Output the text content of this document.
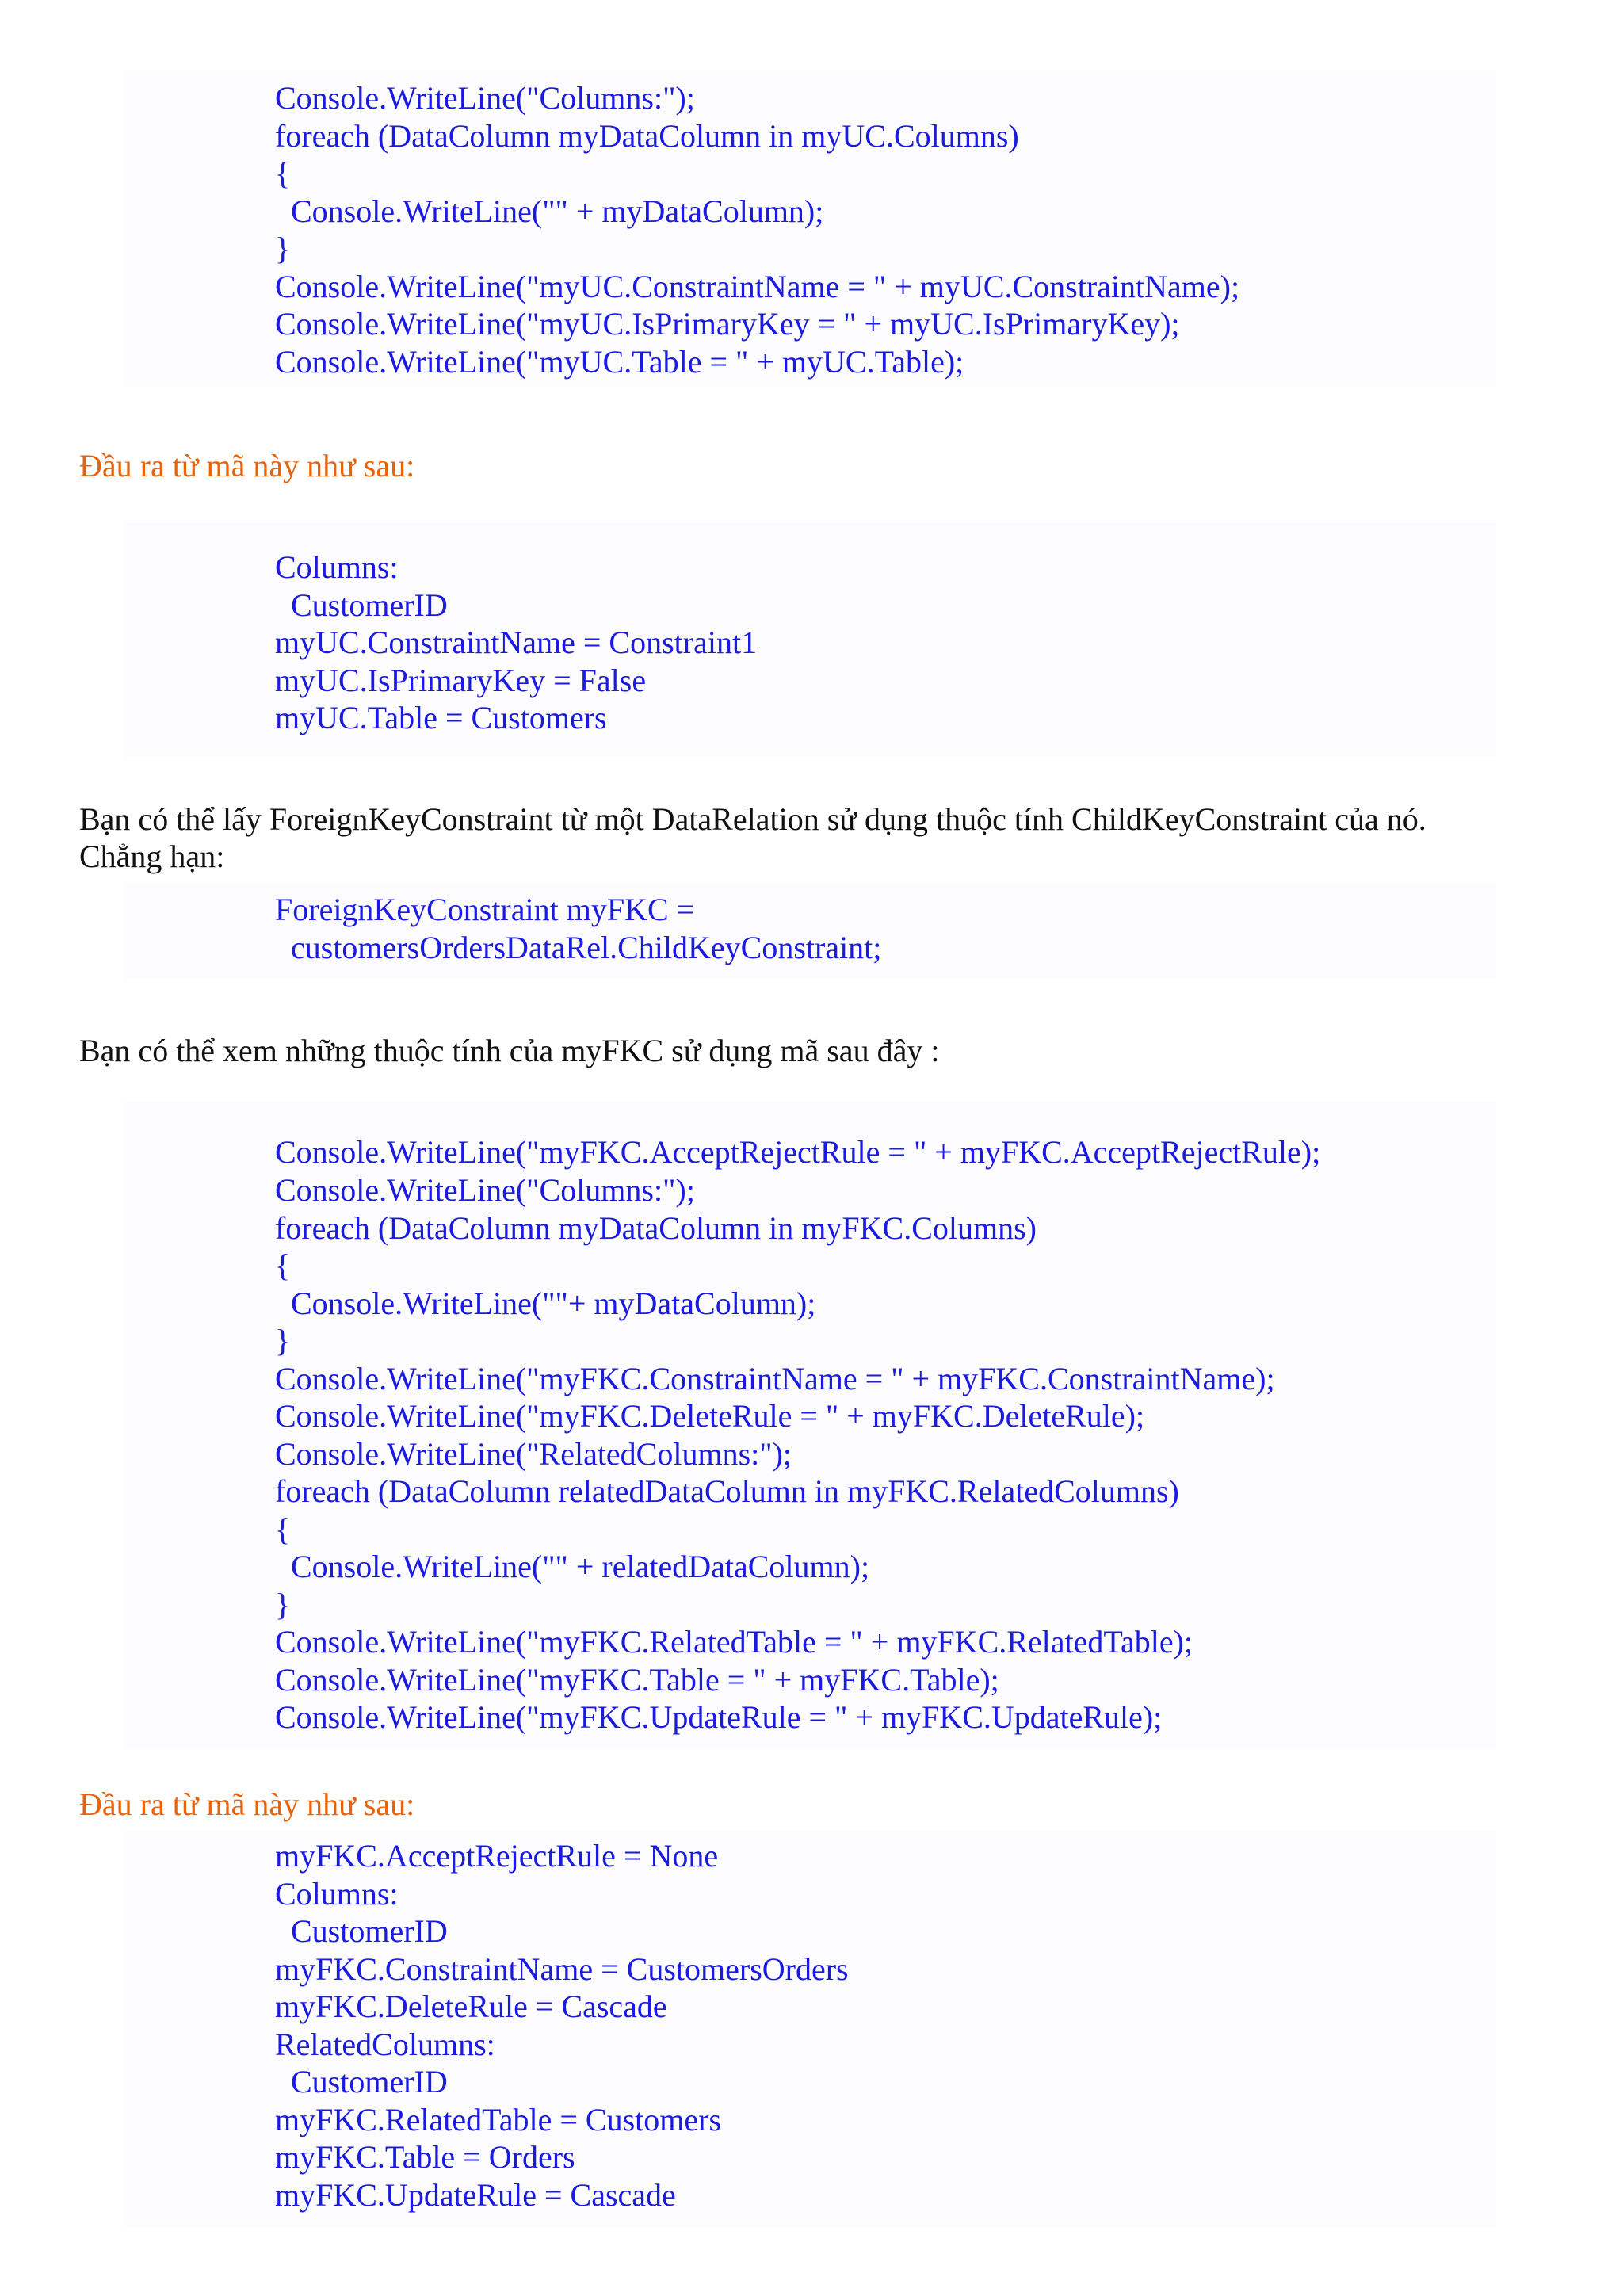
Console.WriteLine("Columns:");
foreach (DataColumn myDataColumn in myUC.Columns)
{
Console.WriteLine("" + myDataColumn);
}
Console.WriteLine("myUC.ConstraintName = " + myUC.ConstraintName);
Console.WriteLine("myUC.IsPrimaryKey = " + myUC.IsPrimaryKey);
Console.WriteLine("myUC.Table = " + myUC.Table);
Đầu ra từ mã này như sau:
Columns:
CustomerID
myUC.ConstraintName = Constraint1
myUC.IsPrimaryKey = False
myUC.Table = Customers
Bạn có thể lấy ForeignKeyConstraint từ một DataRelation sử dụng thuộc tính ChildKeyConstraint của nó.
Chẳng hạn:
ForeignKeyConstraint myFKC =
customersOrdersDataRel.ChildKeyConstraint;
Bạn có thể xem những thuộc tính của myFKC sử dụng mã sau đây :
Console.WriteLine("myFKC.AcceptRejectRule = " + myFKC.AcceptRejectRule);
Console.WriteLine("Columns:");
foreach (DataColumn myDataColumn in myFKC.Columns)
{
Console.WriteLine(""+ myDataColumn);
}
Console.WriteLine("myFKC.ConstraintName = " + myFKC.ConstraintName);
Console.WriteLine("myFKC.DeleteRule = " + myFKC.DeleteRule);
Console.WriteLine("RelatedColumns:");
foreach (DataColumn relatedDataColumn in myFKC.RelatedColumns)
{
Console.WriteLine("" + relatedDataColumn);
}
Console.WriteLine("myFKC.RelatedTable = " + myFKC.RelatedTable);
Console.WriteLine("myFKC.Table = " + myFKC.Table);
Console.WriteLine("myFKC.UpdateRule = " + myFKC.UpdateRule);
Đầu ra từ mã này như sau:
myFKC.AcceptRejectRule = None
Columns:
CustomerID
myFKC.ConstraintName = CustomersOrders
myFKC.DeleteRule = Cascade
RelatedColumns:
CustomerID
myFKC.RelatedTable = Customers
myFKC.Table = Orders
myFKC.UpdateRule = Cascade
